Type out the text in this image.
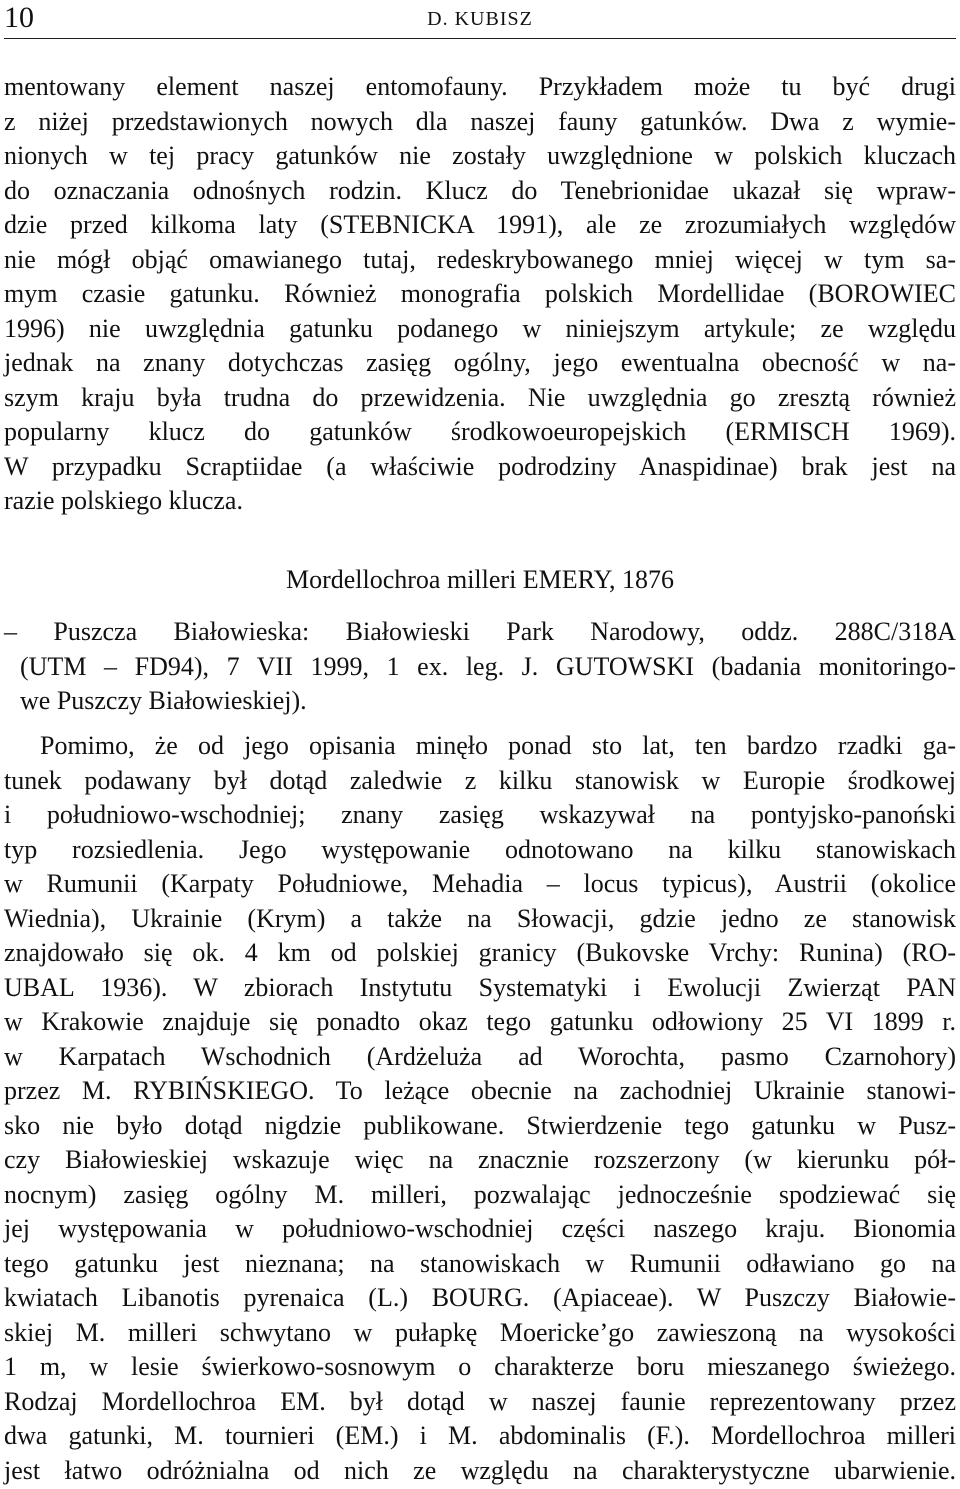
10	D. KUBISZ
mentowany element naszej entomofauny. Przykładem może tu być drugi
z niżej przedstawionych nowych dla naszej fauny gatunków. Dwa z wymie-
nionych w tej pracy gatunków nie zostały uwzględnione w polskich kluczach
do oznaczania odnośnych rodzin. Klucz do Tenebrionidae ukazał się wpraw-
dzie przed kilkoma laty (STEBNICKA 1991), ale ze zrozumiałych względów
nie mógł objąć omawianego tutaj, redeskrybowanego mniej więcej w tym sa-
mym czasie gatunku. Również monografia polskich Mordellidae (BOROWIEC
1996) nie uwzględnia gatunku podanego w niniejszym artykule; ze względu
jednak na znany dotychczas zasięg ogólny, jego ewentualna obecność w na-
szym kraju była trudna do przewidzenia. Nie uwzględnia go zresztą również
popularny klucz do gatunków środkowoeuropejskich (ERMISCH 1969).
W przypadku Scraptiidae (a właściwie podrodziny Anaspidinae) brak jest na
razie polskiego klucza.
Mordellochroa milleri EMERY, 1876
– Puszcza Białowieska: Białowieski Park Narodowy, oddz. 288C/318A
(UTM – FD94), 7 VII 1999, 1 ex. leg. J. GUTOWSKI (badania monitoringo-
we Puszczy Białowieskiej).
Pomimo, że od jego opisania minęło ponad sto lat, ten bardzo rzadki ga-
tunek podawany był dotąd zaledwie z kilku stanowisk w Europie środkowej
i południowo-wschodniej; znany zasięg wskazywał na pontyjsko-panoński
typ rozsiedlenia. Jego występowanie odnotowano na kilku stanowiskach
w Rumunii (Karpaty Południowe, Mehadia – locus typicus), Austrii (okolice
Wiednia), Ukrainie (Krym) a także na Słowacji, gdzie jedno ze stanowisk
znajdowało się ok. 4 km od polskiej granicy (Bukovske Vrchy: Runina) (RO-
UBAL 1936). W zbiorach Instytutu Systematyki i Ewolucji Zwierząt PAN
w Krakowie znajduje się ponadto okaz tego gatunku odłowiony 25 VI 1899 r.
w Karpatach Wschodnich (Ardżeluża ad Worochta, pasmo Czarnohory)
przez M. RYBIŃSKIEGO. To leżące obecnie na zachodniej Ukrainie stanowi-
sko nie było dotąd nigdzie publikowane. Stwierdzenie tego gatunku w Pusz-
czy Białowieskiej wskazuje więc na znacznie rozszerzony (w kierunku pół-
nocnym) zasięg ogólny M. milleri, pozwalając jednocześnie spodziewać się
jej występowania w południowo-wschodniej części naszego kraju. Bionomia
tego gatunku jest nieznana; na stanowiskach w Rumunii odławiano go na
kwiatach Libanotis pyrenaica (L.) BOURG. (Apiaceae). W Puszczy Białowie-
skiej M. milleri schwytano w pułapkę Moericke’go zawieszoną na wysokości
1 m, w lesie świerkowo-sosnowym o charakterze boru mieszanego świeżego.
Rodzaj Mordellochroa EM. był dotąd w naszej faunie reprezentowany przez
dwa gatunki, M. tournieri (EM.) i M. abdominalis (F.). Mordellochroa milleri
jest łatwo odróżnialna od nich ze względu na charakterystyczne ubarwienie.
